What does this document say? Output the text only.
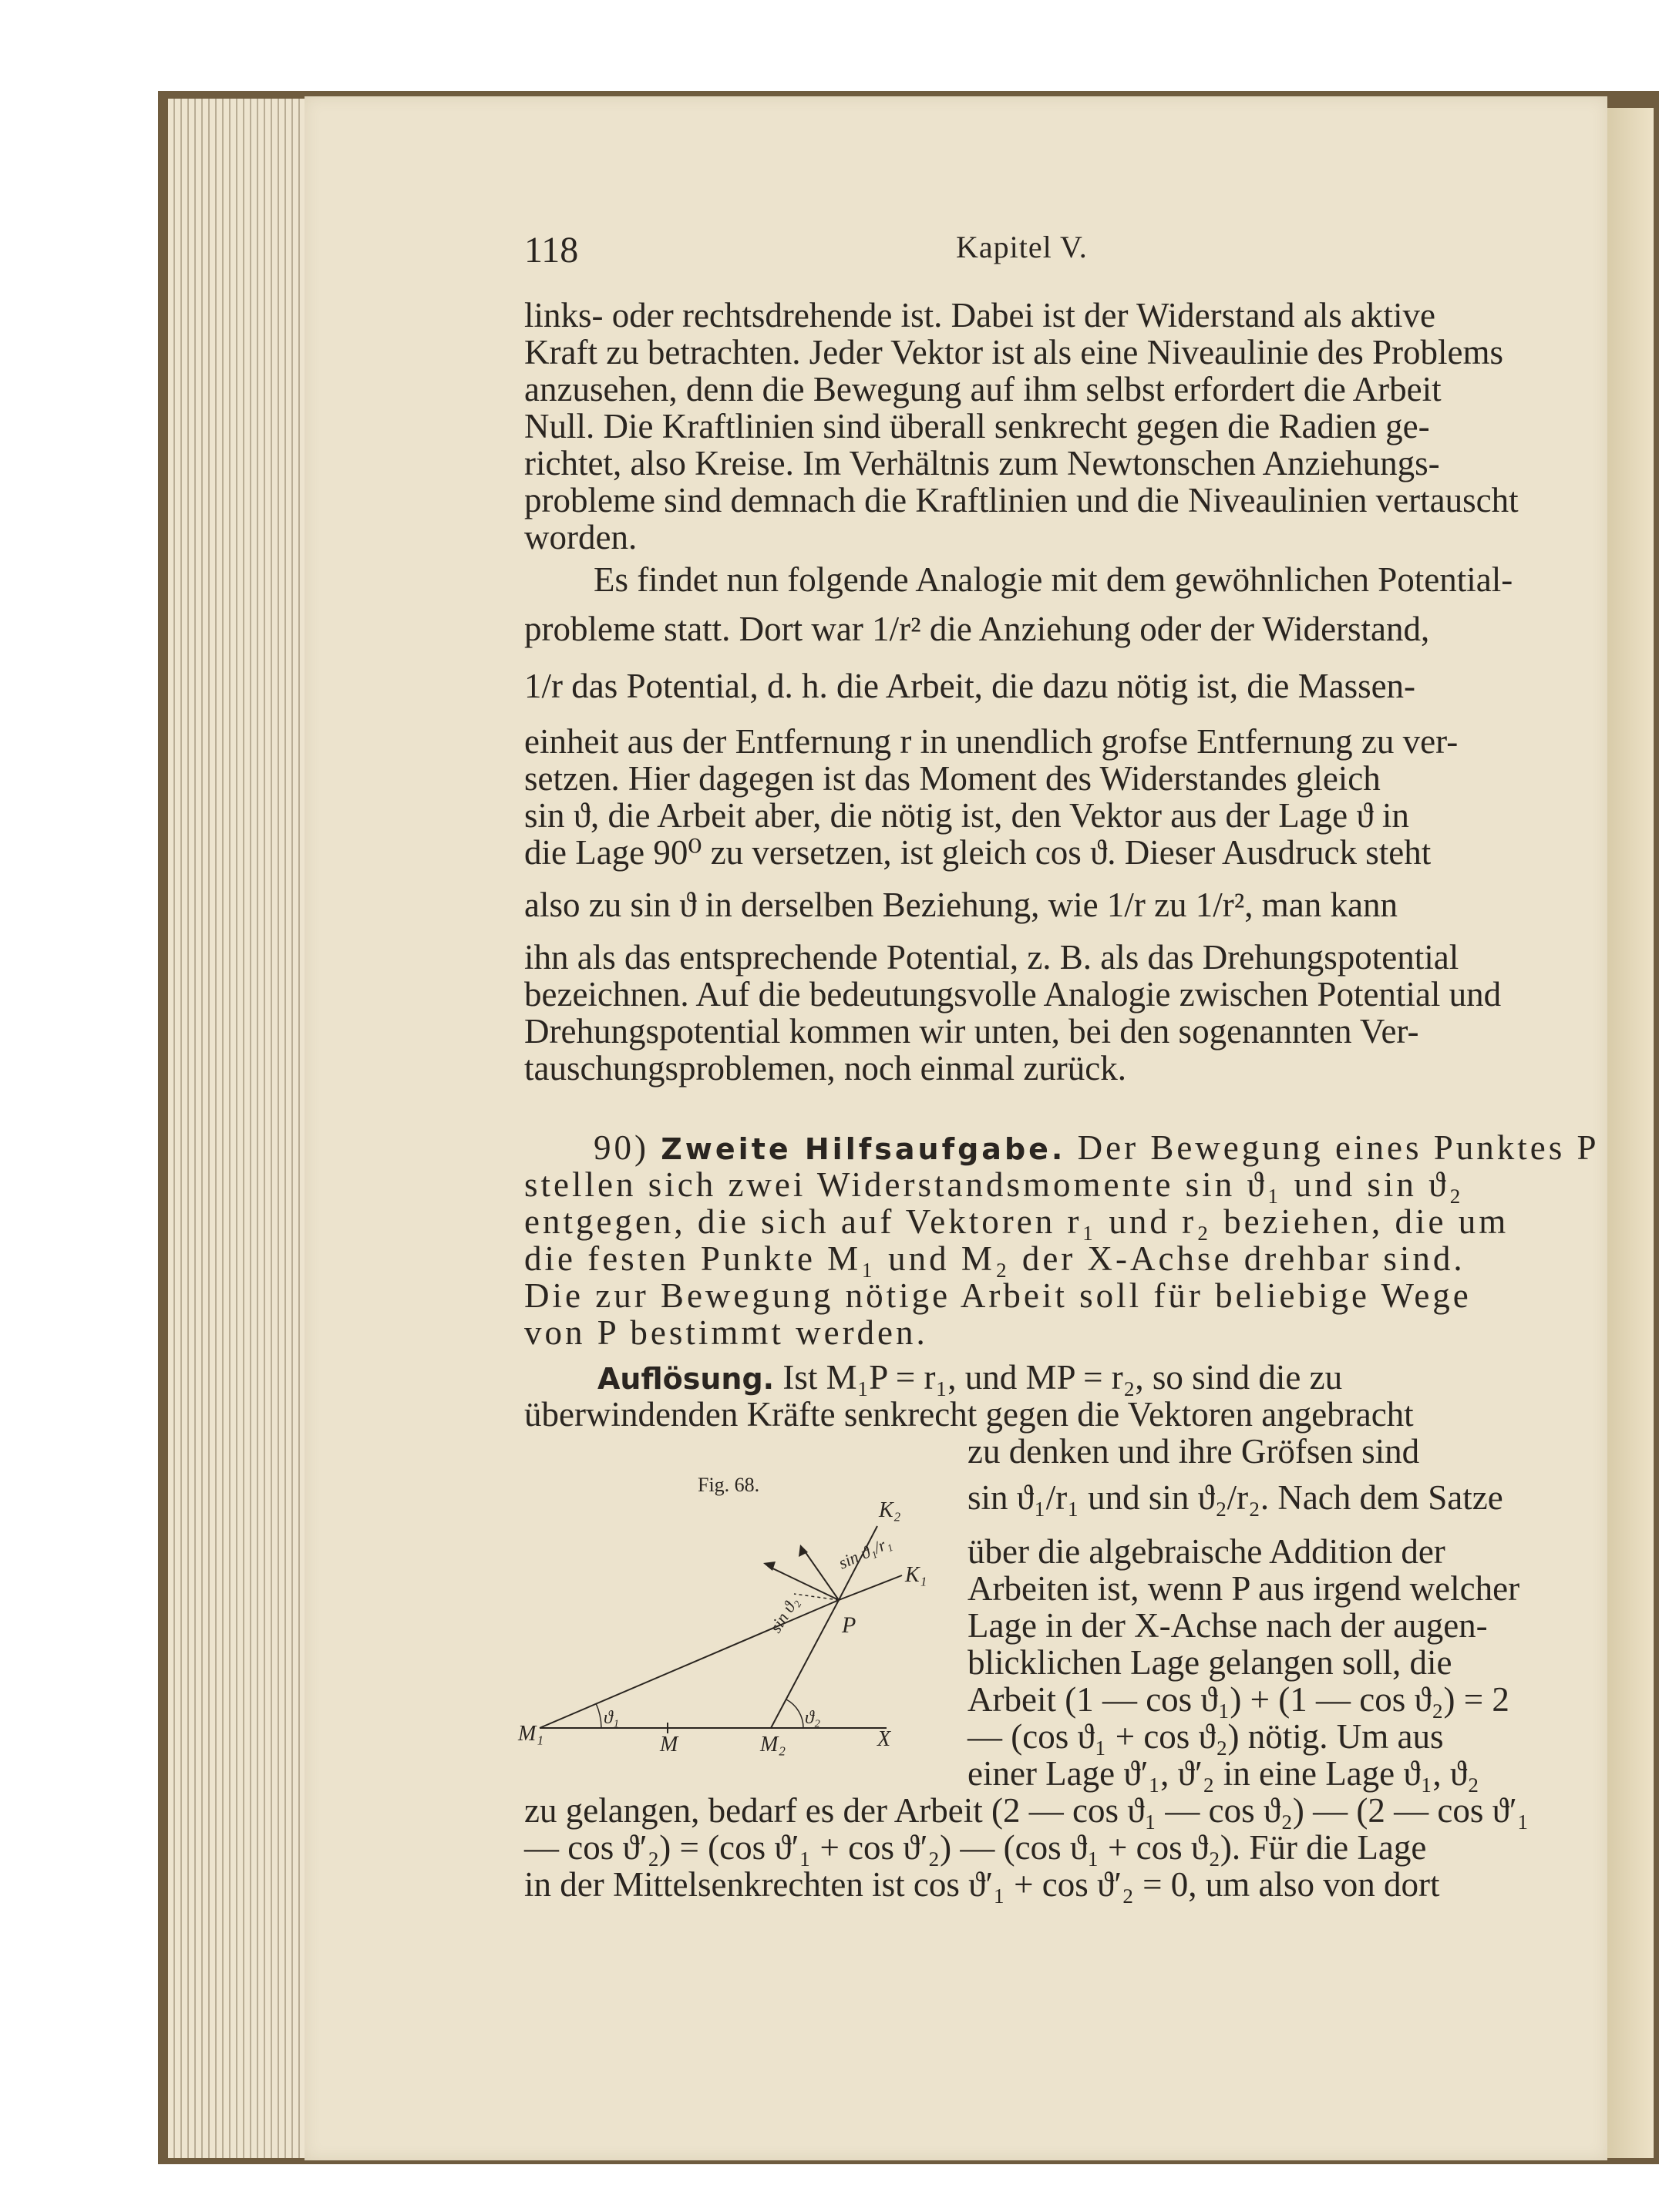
118	Kapitel V.
links- oder rechtsdrehende ist. Dabei ist der Widerstand als aktive
Kraft zu betrachten. Jeder Vektor ist als eine Niveaulinie des Problems
anzusehen, denn die Bewegung auf ihm selbst erfordert die Arbeit
Null. Die Kraftlinien sind überall senkrecht gegen die Radien ge-
richtet, also Kreise. Im Verhältnis zum Newtonschen Anziehungs-
probleme sind demnach die Kraftlinien und die Niveaulinien vertauscht
worden.
Es findet nun folgende Analogie mit dem gewöhnlichen Potential-
probleme statt. Dort war 1/r² die Anziehung oder der Widerstand,
1/r das Potential, d. h. die Arbeit, die dazu nötig ist, die Massen-
einheit aus der Entfernung r in unendlich grofse Entfernung zu ver-
setzen. Hier dagegen ist das Moment des Widerstandes gleich
sin ϑ, die Arbeit aber, die nötig ist, den Vektor aus der Lage ϑ in
die Lage 90⁰ zu versetzen, ist gleich cos ϑ. Dieser Ausdruck steht
also zu sin ϑ in derselben Beziehung, wie 1/r zu 1/r², man kann
ihn als das entsprechende Potential, z. B. als das Drehungspotential
bezeichnen. Auf die bedeutungsvolle Analogie zwischen Potential und
Drehungspotential kommen wir unten, bei den sogenannten Ver-
tauschungsproblemen, noch einmal zurück.
90) Zweite Hilfsaufgabe. Der Bewegung eines Punktes P
stellen sich zwei Widerstandsmomente sin ϑ₁ und sin ϑ₂
entgegen, die sich auf Vektoren r₁ und r₂ beziehen, die um
die festen Punkte M₁ und M₂ der X-Achse drehbar sind.
Die zur Bewegung nötige Arbeit soll für beliebige Wege
von P bestimmt werden.
Auflösung. Ist M₁P = r₁, und MP = r₂, so sind die zu
überwindenden Kräfte senkrecht gegen die Vektoren angebracht
zu denken und ihre Gröfsen sind
sin ϑ₁/r₁ und sin ϑ₂/r₂. Nach dem Satze
über die algebraische Addition der
Arbeiten ist, wenn P aus irgend welcher
Lage in der X-Achse nach der augen-
blicklichen Lage gelangen soll, die
Arbeit (1 — cos ϑ₁) + (1 — cos ϑ₂) = 2
— (cos ϑ₁ + cos ϑ₂) nötig. Um aus
einer Lage ϑ′₁, ϑ′₂ in eine Lage ϑ₁, ϑ₂
zu gelangen, bedarf es der Arbeit (2 — cos ϑ₁ — cos ϑ₂) — (2 — cos ϑ′₁
— cos ϑ′₂) = (cos ϑ′₁ + cos ϑ′₂) — (cos ϑ₁ + cos ϑ₂). Für die Lage
in der Mittelsenkrechten ist cos ϑ′₁ + cos ϑ′₂ = 0, um also von dort
Fig. 68.
M₁	M	M₂	X
P
K₁
K₂
ϑ₁	ϑ₂
sin ϑ₁/r₁
sin ϑ₂
